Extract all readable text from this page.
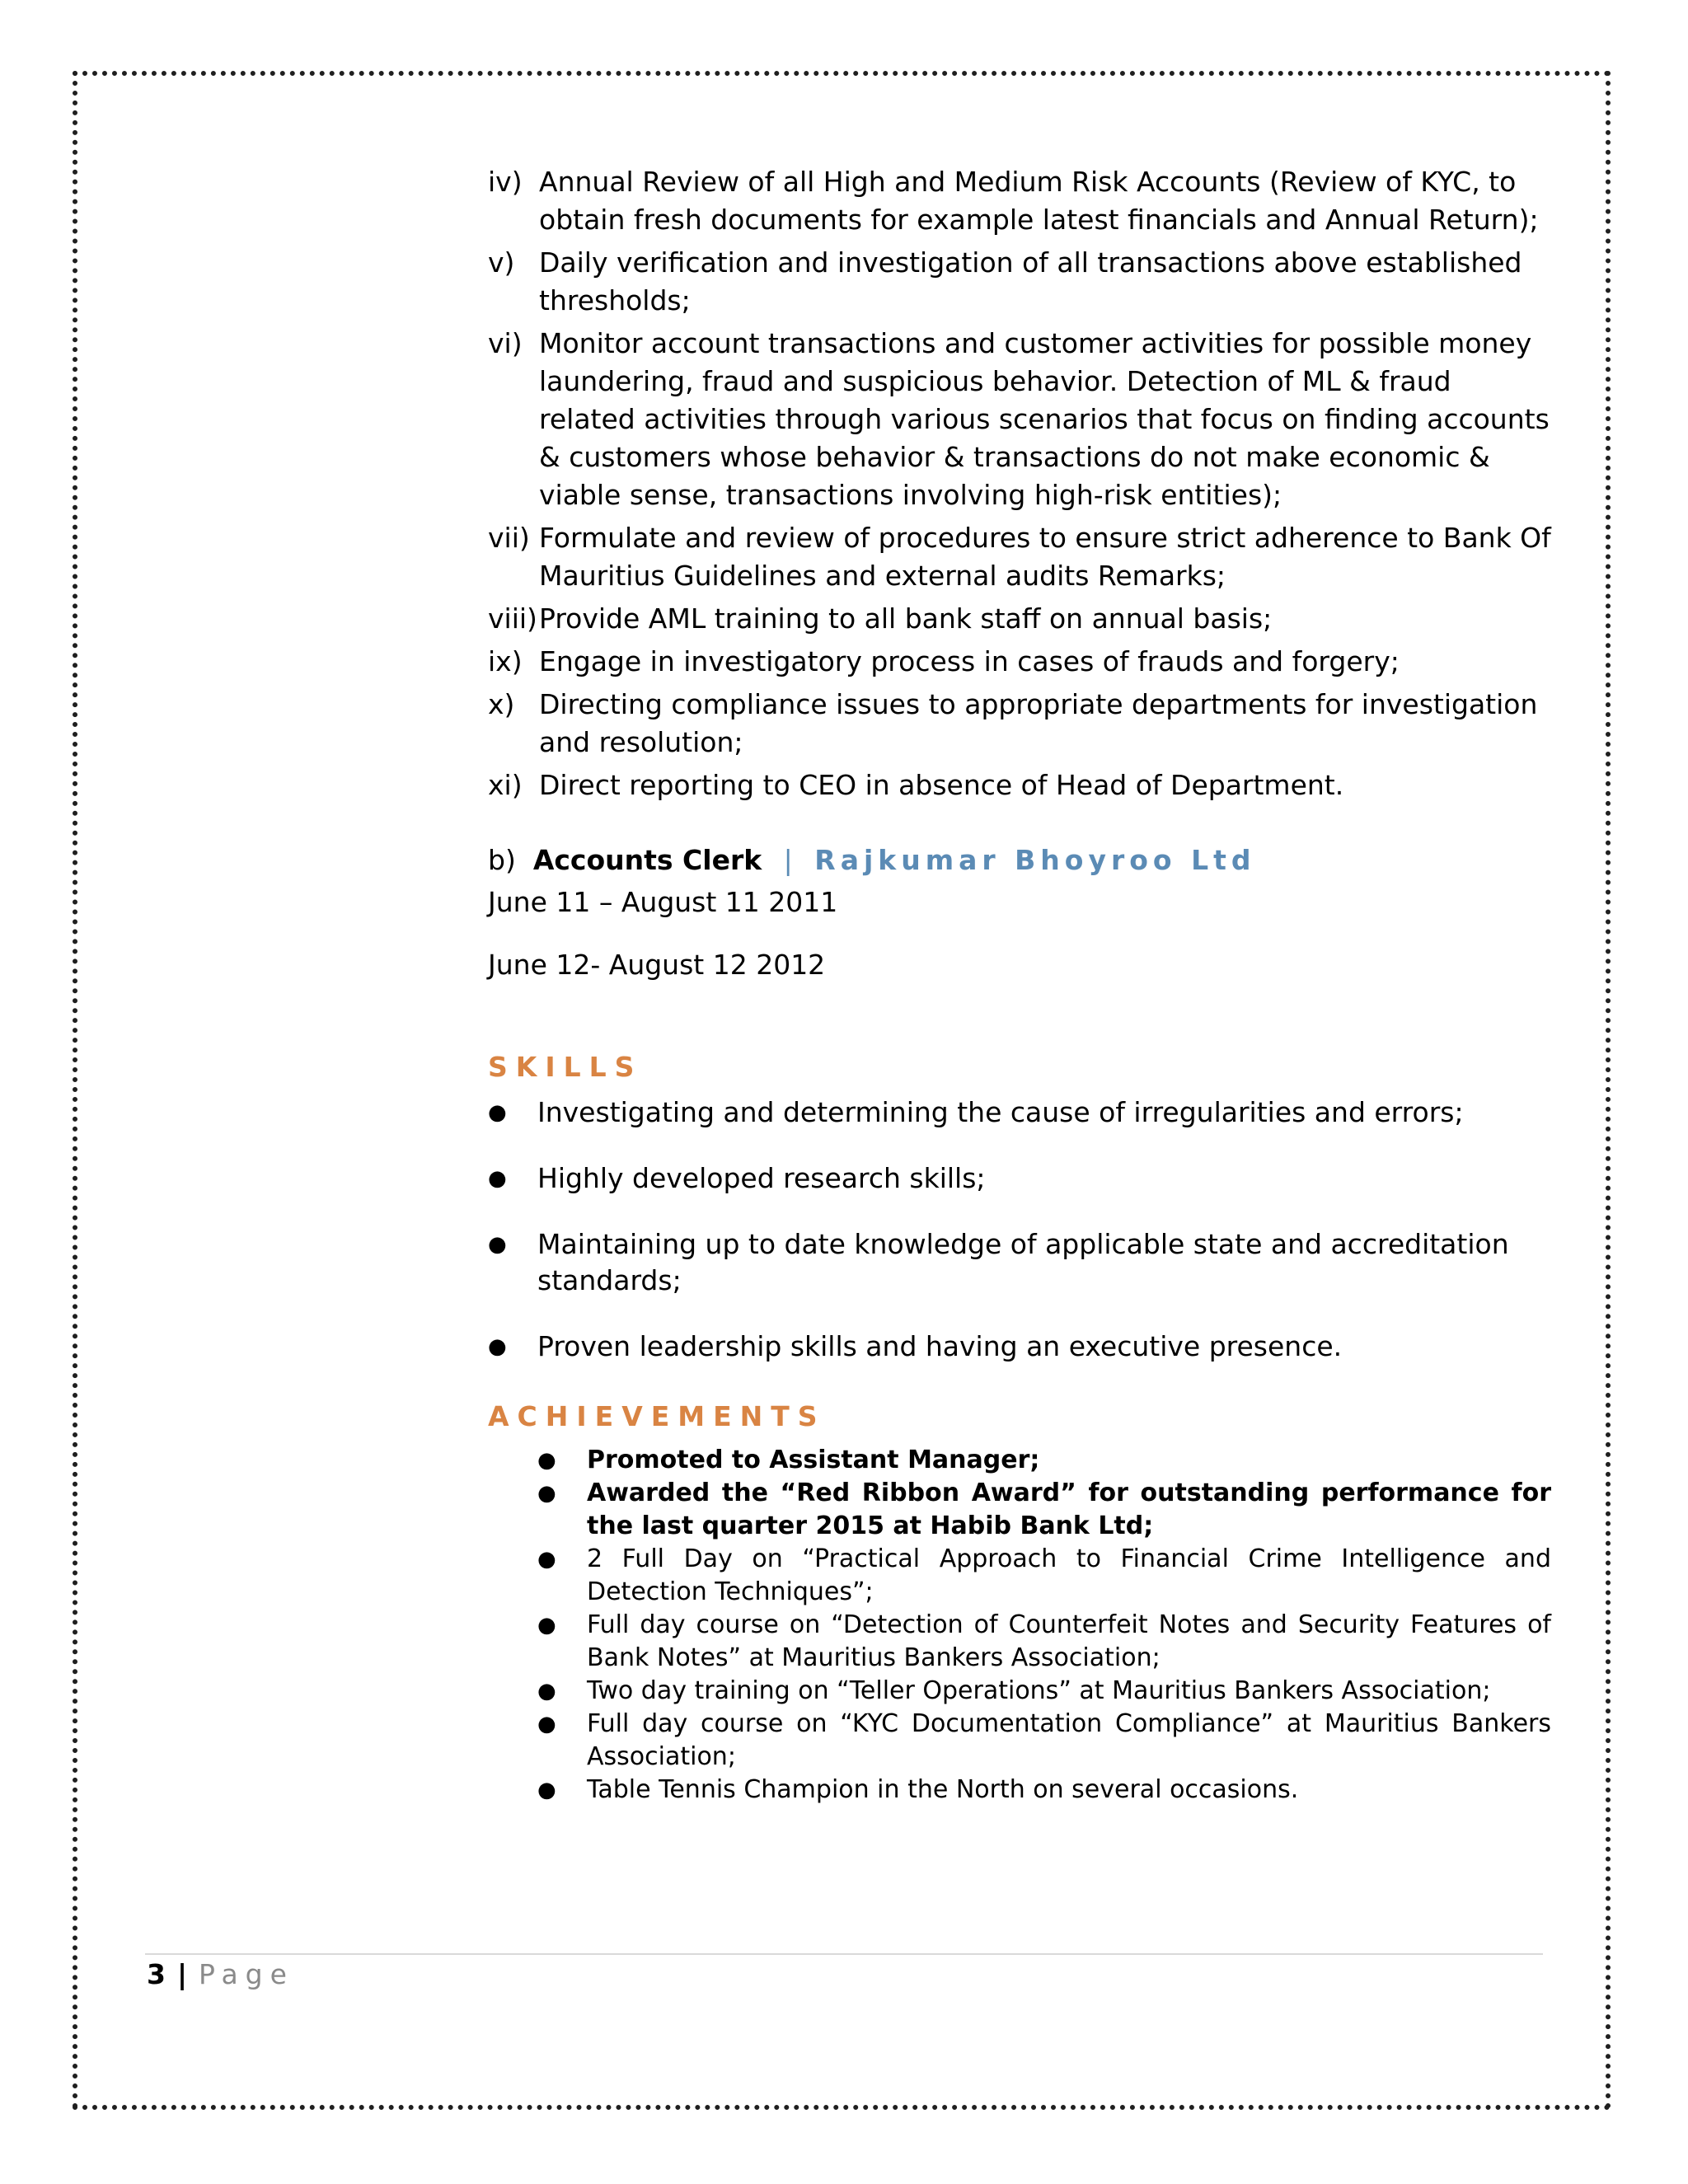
iv) Annual Review of all High and Medium Risk Accounts (Review of KYC, to obtain fresh documents for example latest financials and Annual Return);
v) Daily verification and investigation of all transactions above established thresholds;
vi) Monitor account transactions and customer activities for possible money laundering, fraud and suspicious behavior. Detection of ML & fraud related activities through various scenarios that focus on finding accounts & customers whose behavior & transactions do not make economic & viable sense, transactions involving high-risk entities);
vii) Formulate and review of procedures to ensure strict adherence to Bank Of Mauritius Guidelines and external audits Remarks;
viii) Provide AML training to all bank staff on annual basis;
ix) Engage in investigatory process in cases of frauds and forgery;
x) Directing compliance issues to appropriate departments for investigation and resolution;
xi) Direct reporting to CEO in absence of Head of Department.
b) Accounts Clerk | Rajkumar Bhoyroo Ltd
June 11 – August 11 2011
June 12- August 12 2012
SKILLS
●	Investigating and determining the cause of irregularities and errors;
●	Highly developed research skills;
●	Maintaining up to date knowledge of applicable state and accreditation standards;
●	Proven leadership skills and having an executive presence.
ACHIEVEMENTS
●	Promoted to Assistant Manager;
●	Awarded the “Red Ribbon Award” for outstanding performance for the last quarter 2015 at Habib Bank Ltd;
●	2 Full Day on “Practical Approach to Financial Crime Intelligence and Detection Techniques”;
●	Full day course on “Detection of Counterfeit Notes and Security Features of Bank Notes” at Mauritius Bankers Association;
●	Two day training on “Teller Operations” at Mauritius Bankers Association;
●	Full day course on “KYC Documentation Compliance” at Mauritius Bankers Association;
●	Table Tennis Champion in the North on several occasions.
3 | Page
